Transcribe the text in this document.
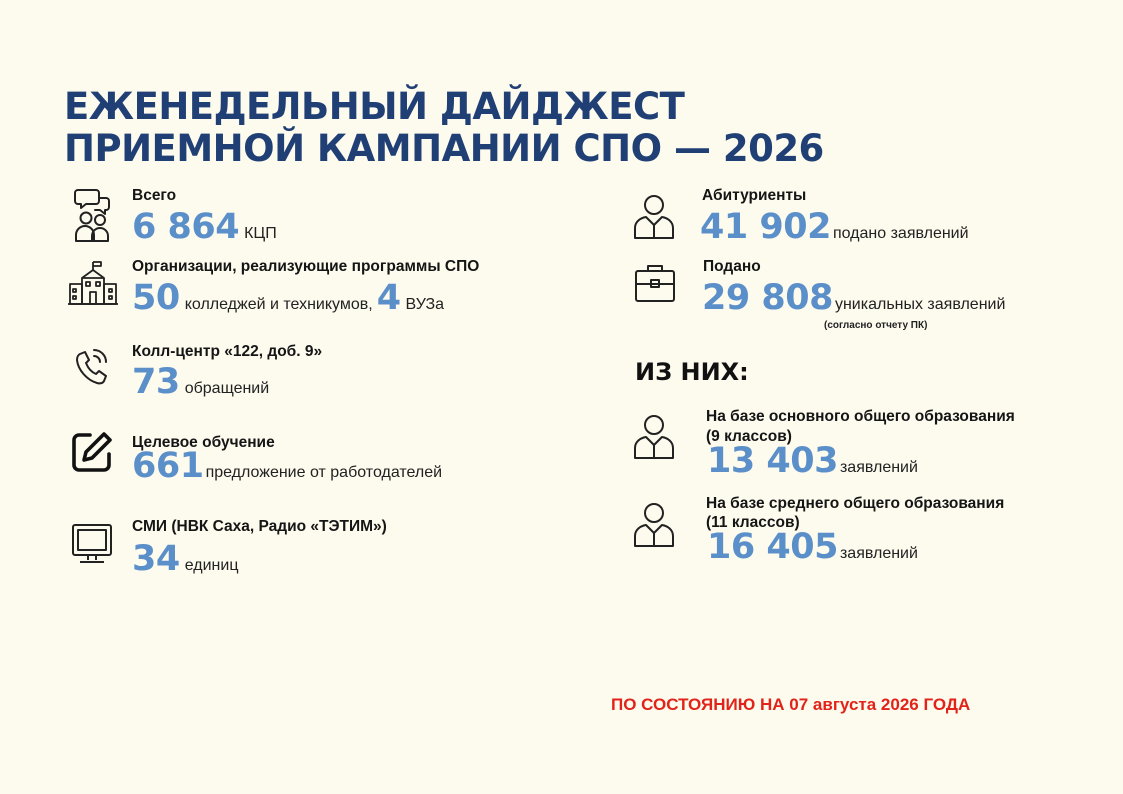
ЕЖЕНЕДЕЛЬНЫЙ ДАЙДЖЕСТ
ПРИЕМНОЙ КАМПАНИИ СПО — 2026
Всего
6 864 КЦП
Организации, реализующие программы СПО
50 колледжей и техникумов, 4 ВУЗа
Колл-центр «122, доб. 9»
73 обращений
Целевое обучение
661 предложение от работодателей
СМИ (НВК Саха, Радио «ТЭТИМ»)
34 единиц
Абитуриенты
41 902 подано заявлений
Подано
29 808 уникальных заявлений
(согласно отчету ПК)
ИЗ НИХ:
На базе основного общего образования
(9 классов)
13 403 заявлений
На базе среднего общего образования
(11 классов)
16 405 заявлений
ПО СОСТОЯНИЮ НА 07 августа 2026 ГОДА
